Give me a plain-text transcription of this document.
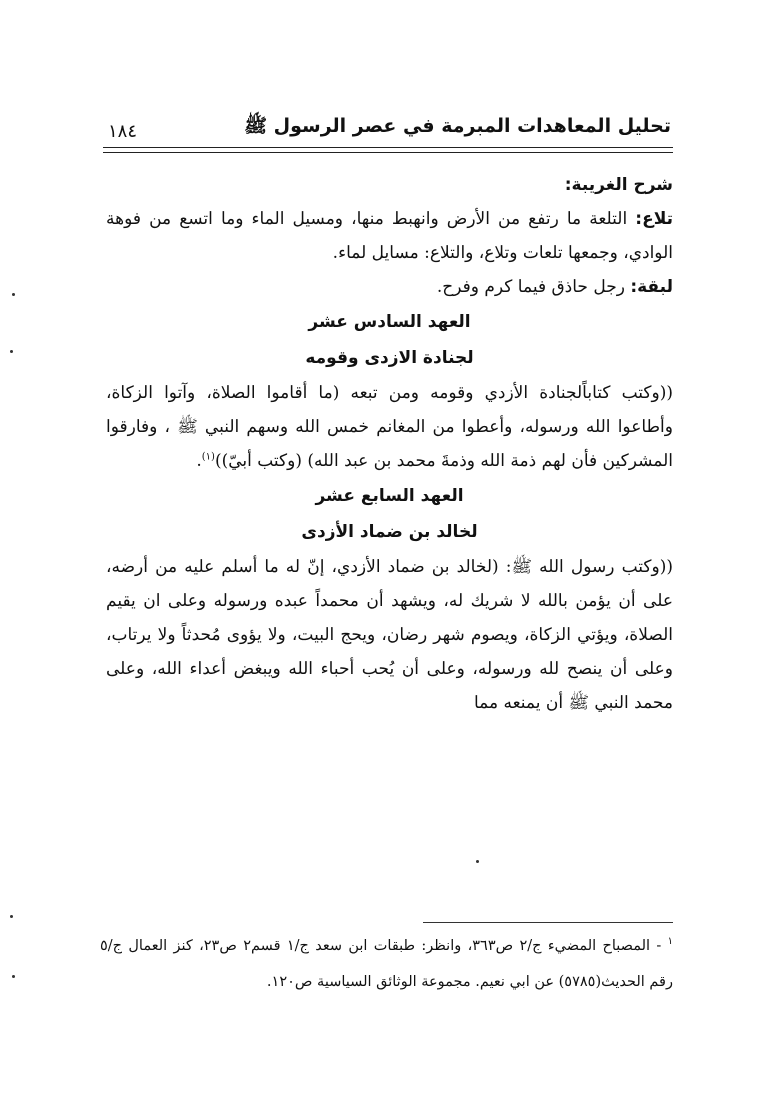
تحليل المعاهدات المبرمة في عصر الرسول ﷺ
١٨٤

شرح الغريبة:

تلاع: التلعة ما رتفع من الأرض وانهبط منها، ومسيل الماء وما اتسع من فوهة الوادي، وجمعها تلعات وتلاع، والتلاع: مسايل لماء.

لبقة: رجل حاذق فيما كرم وفرح.

العهد السادس عشر

لجنادة الازدى وقومه

((وكتب كتاباًلجنادة الأزدي وقومه ومن تبعه (ما أقاموا الصلاة، وآتوا الزكاة، وأطاعوا الله ورسوله، وأعطوا من المغانم خمس الله وسهم النبي ﷺ ، وفارقوا المشركين فأن لهم ذمة الله وذمةَ محمد بن عبد الله) (وكتب أبيّ))$^{(١)}$.

العهد السابع عشر

لخالد بن ضماد الأزدى

((وكتب رسول الله ﷺ: (لخالد بن ضماد الأزدي، إنّ له ما أسلم عليه من أرضه، على أن يؤمن بالله لا شريك له، ويشهد أن محمداً عبده ورسوله وعلى ان يقيم الصلاة، ويؤتي الزكاة، ويصوم شهر رضان، ويحج البيت، ولا يؤوى مُحدثاً ولا يرتاب، وعلى أن ينصح لله ورسوله، وعلى أن يُحب أحباء الله ويبغض أعداء الله، وعلى محمد النبي ﷺ أن يمنعه مما

$^١$ - المصباح المضيء ج/٢ ص٣٦٣، وانظر: طبقات ابن سعد ج/١ قسم٢ ص٢٣، كنز العمال ج/٥ رقم الحديث(٥٧٨٥) عن ابي نعيم. مجموعة الوثائق السياسية ص١٢٠.
